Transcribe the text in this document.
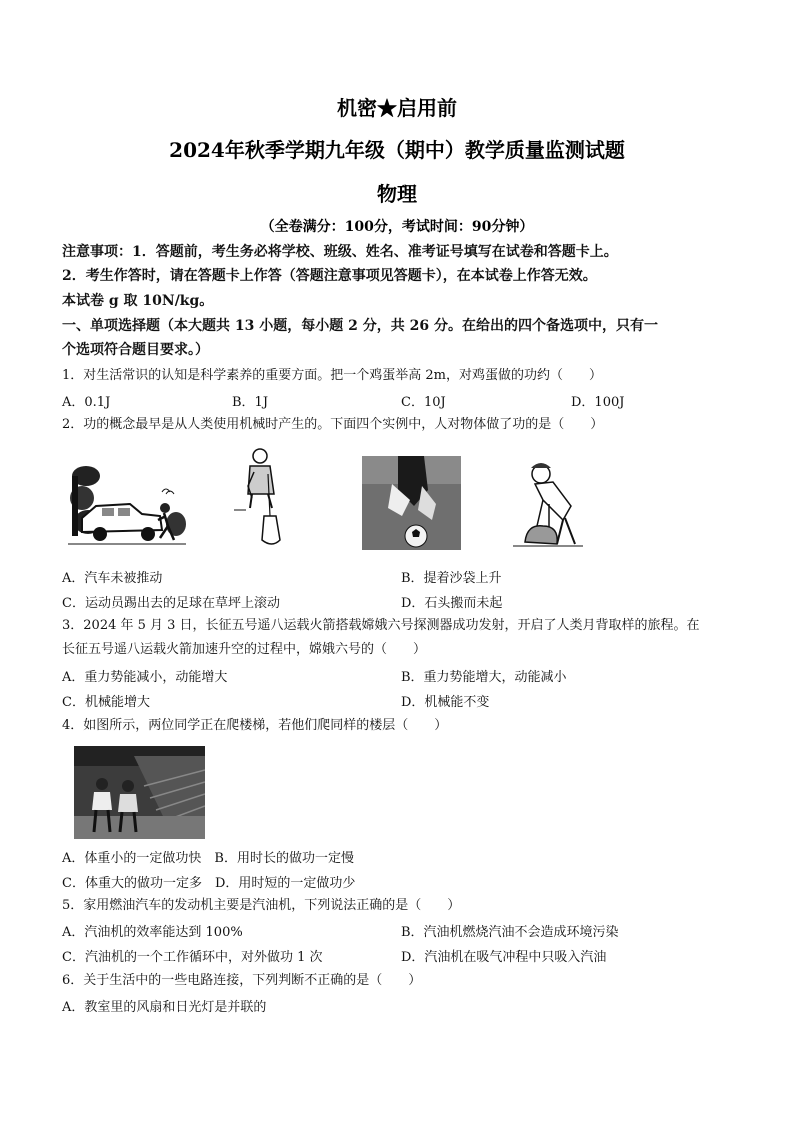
机密★启用前
2024年秋季学期九年级（期中）教学质量监测试题
物理
（全卷满分：100分，考试时间：90分钟）
注意事项：1．答题前，考生务必将学校、班级、姓名、准考证号填写在试卷和答题卡上。
2．考生作答时，请在答题卡上作答（答题注意事项见答题卡），在本试卷上作答无效。
本试卷 g 取 10N/kg。
一、单项选择题（本大题共 13 小题，每小题 2 分，共 26 分。在给出的四个备选项中，只有一
个选项符合题目要求。）
1．对生活常识的认知是科学素养的重要方面。把一个鸡蛋举高 2m，对鸡蛋做的功约（　　）
A．0.1J	B．1J	C．10J	D．100J
2．功的概念最早是从人类使用机械时产生的。下面四个实例中，人对物体做了功的是（　　）
A．汽车未被推动	B．提着沙袋上升
C．运动员踢出去的足球在草坪上滚动	D．石头搬而未起
3．2024 年 5 月 3 日，长征五号遥八运载火箭搭载嫦娥六号探测器成功发射，开启了人类月背取样的旅程。在
长征五号遥八运载火箭加速升空的过程中，嫦娥六号的（　　）
A．重力势能减小，动能增大	B．重力势能增大，动能减小
C．机械能增大	D．机械能不变
4．如图所示，两位同学正在爬楼梯，若他们爬同样的楼层（　　）
A．体重小的一定做功快　B．用时长的做功一定慢
C．体重大的做功一定多　D．用时短的一定做功少
5．家用燃油汽车的发动机主要是汽油机，下列说法正确的是（　　）
A．汽油机的效率能达到 100%	B．汽油机燃烧汽油不会造成环境污染
C．汽油机的一个工作循环中，对外做功 1 次	D．汽油机在吸气冲程中只吸入汽油
6．关于生活中的一些电路连接，下列判断不正确的是（　　）
A．教室里的风扇和日光灯是并联的
